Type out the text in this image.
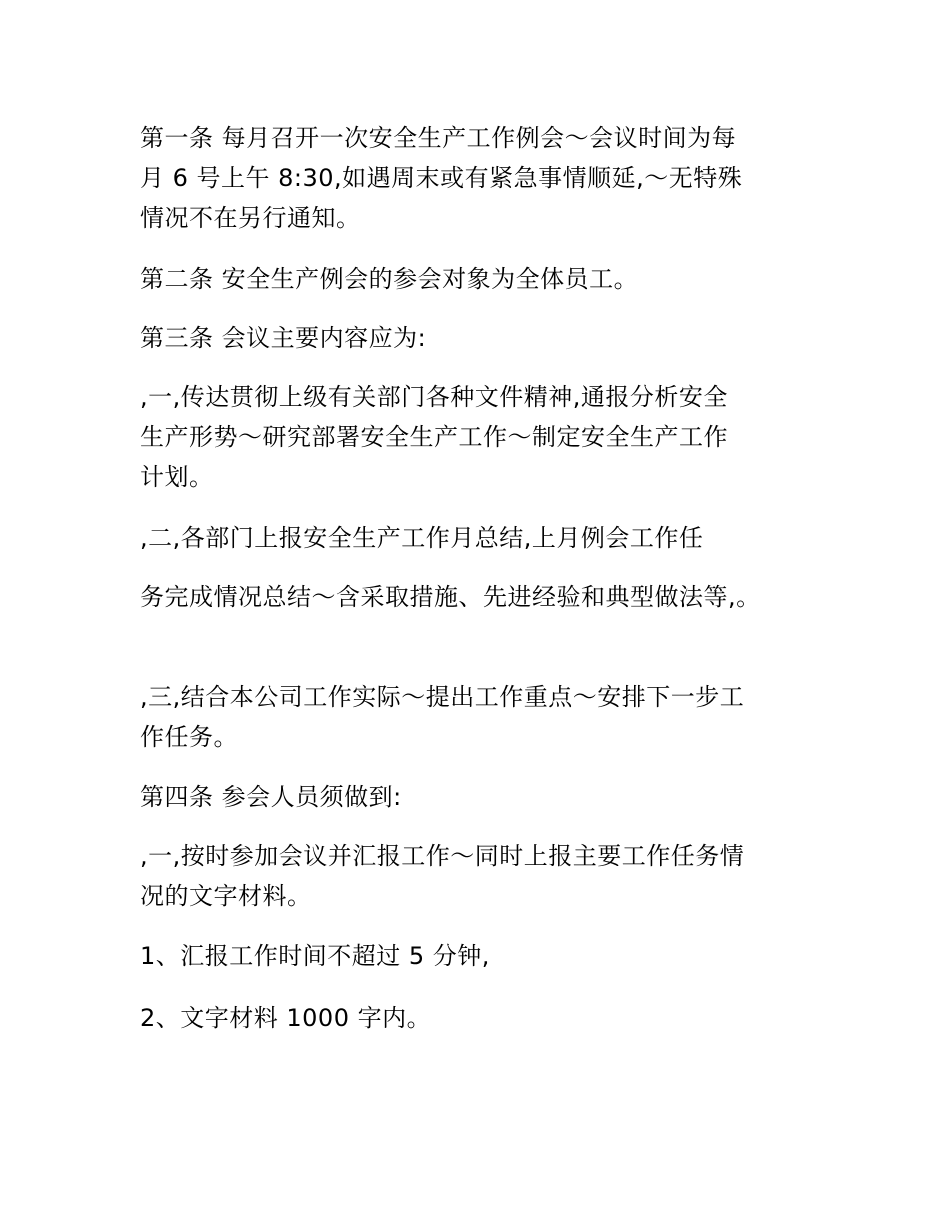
第一条 每月召开一次安全生产工作例会～会议时间为每
月 6 号上午 8:30,如遇周末或有紧急事情顺延,～无特殊
情况不在另行通知。
第二条 安全生产例会的参会对象为全体员工。
第三条 会议主要内容应为:
,一,传达贯彻上级有关部门各种文件精神,通报分析安全
生产形势～研究部署安全生产工作～制定安全生产工作
计划。
,二,各部门上报安全生产工作月总结,上月例会工作任
务完成情况总结～含采取措施、先进经验和典型做法等,。
,三,结合本公司工作实际～提出工作重点～安排下一步工
作任务。
第四条 参会人员须做到:
,一,按时参加会议并汇报工作～同时上报主要工作任务情
况的文字材料。
1、汇报工作时间不超过 5 分钟,
2、文字材料 1000 字内。
